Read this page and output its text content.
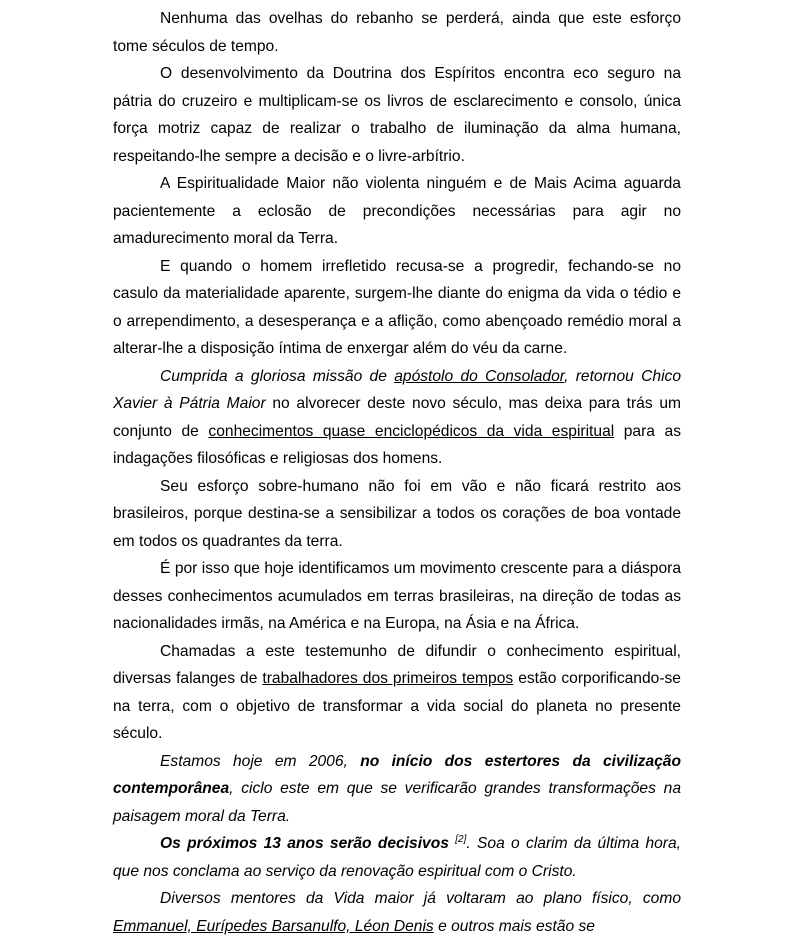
Nenhuma das ovelhas do rebanho se perderá, ainda que este esforço tome séculos de tempo.

O desenvolvimento da Doutrina dos Espíritos encontra eco seguro na pátria do cruzeiro e multiplicam-se os livros de esclarecimento e consolo, única força motriz capaz de realizar o trabalho de iluminação da alma humana, respeitando-lhe sempre a decisão e o livre-arbítrio.

A Espiritualidade Maior não violenta ninguém e de Mais Acima aguarda pacientemente a eclosão de precondições necessárias para agir no amadurecimento moral da Terra.

E quando o homem irrefletido recusa-se a progredir, fechando-se no casulo da materialidade aparente, surgem-lhe diante do enigma da vida o tédio e o arrependimento, a desesperança e a aflição, como abençoado remédio moral a alterar-lhe a disposição íntima de enxergar além do véu da carne.

Cumprida a gloriosa missão de apóstolo do Consolador, retornou Chico Xavier à Pátria Maior no alvorecer deste novo século, mas deixa para trás um conjunto de conhecimentos quase enciclopédicos da vida espiritual para as indagações filosóficas e religiosas dos homens.

Seu esforço sobre-humano não foi em vão e não ficará restrito aos brasileiros, porque destina-se a sensibilizar a todos os corações de boa vontade em todos os quadrantes da terra.

É por isso que hoje identificamos um movimento crescente para a diáspora desses conhecimentos acumulados em terras brasileiras, na direção de todas as nacionalidades irmãs, na América e na Europa, na Ásia e na África.

Chamadas a este testemunho de difundir o conhecimento espiritual, diversas falanges de trabalhadores dos primeiros tempos estão corporificando-se na terra, com o objetivo de transformar a vida social do planeta no presente século.

Estamos hoje em 2006, no início dos estertores da civilização contemporânea, ciclo este em que se verificarão grandes transformações na paisagem moral da Terra.

Os próximos 13 anos serão decisivos [2]. Soa o clarim da última hora, que nos conclama ao serviço da renovação espiritual com o Cristo.

Diversos mentores da Vida maior já voltaram ao plano físico, como Emmanuel, Eurípedes Barsanulfo, Léon Denis e outros mais estão se
